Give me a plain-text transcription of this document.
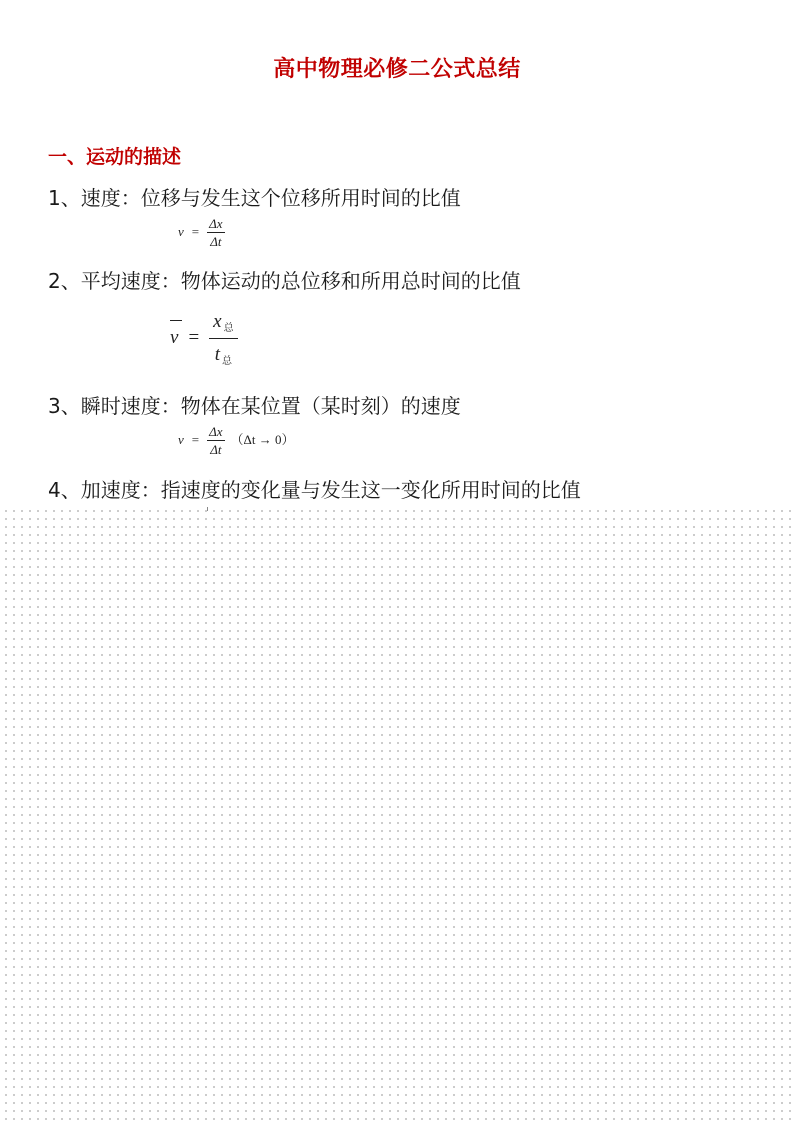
高中物理必修二公式总结
一、运动的描述
1、速度：位移与发生这个位移所用时间的比值
$v = \frac{\Delta x}{\Delta t}$
2、平均速度：物体运动的总位移和所用总时间的比值
$v = \frac{x _总}{t _总}$
3、瞬时速度：物体在某位置（某时刻）的速度
$v = \frac{\Delta x}{\Delta t} (\Delta t \to 0)$
4、加速度：指速度的变化量与发生这一变化所用时间的比值
